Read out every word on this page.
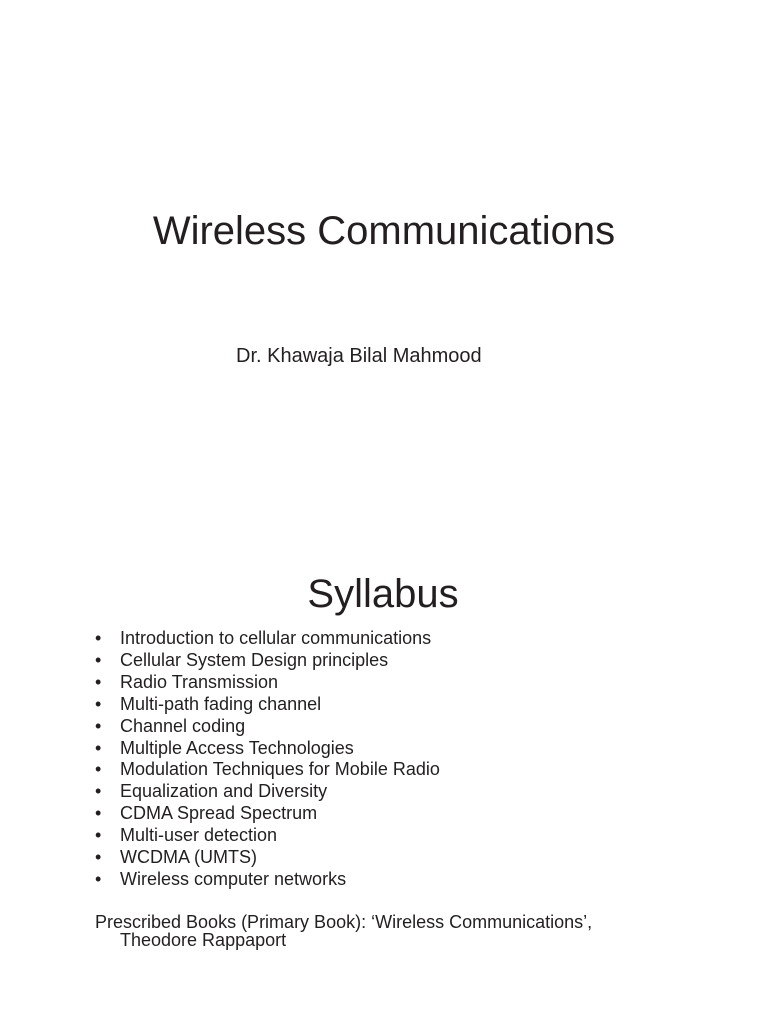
Wireless Communications

Dr. Khawaja Bilal Mahmood

Syllabus
• Introduction to cellular communications
• Cellular System Design principles
• Radio Transmission
• Multi-path fading channel
• Channel coding
• Multiple Access Technologies
• Modulation Techniques for Mobile Radio
• Equalization and Diversity
• CDMA Spread Spectrum
• Multi-user detection
• WCDMA (UMTS)
• Wireless computer networks

Prescribed Books (Primary Book): ‘Wireless Communications’,
Theodore Rappaport
